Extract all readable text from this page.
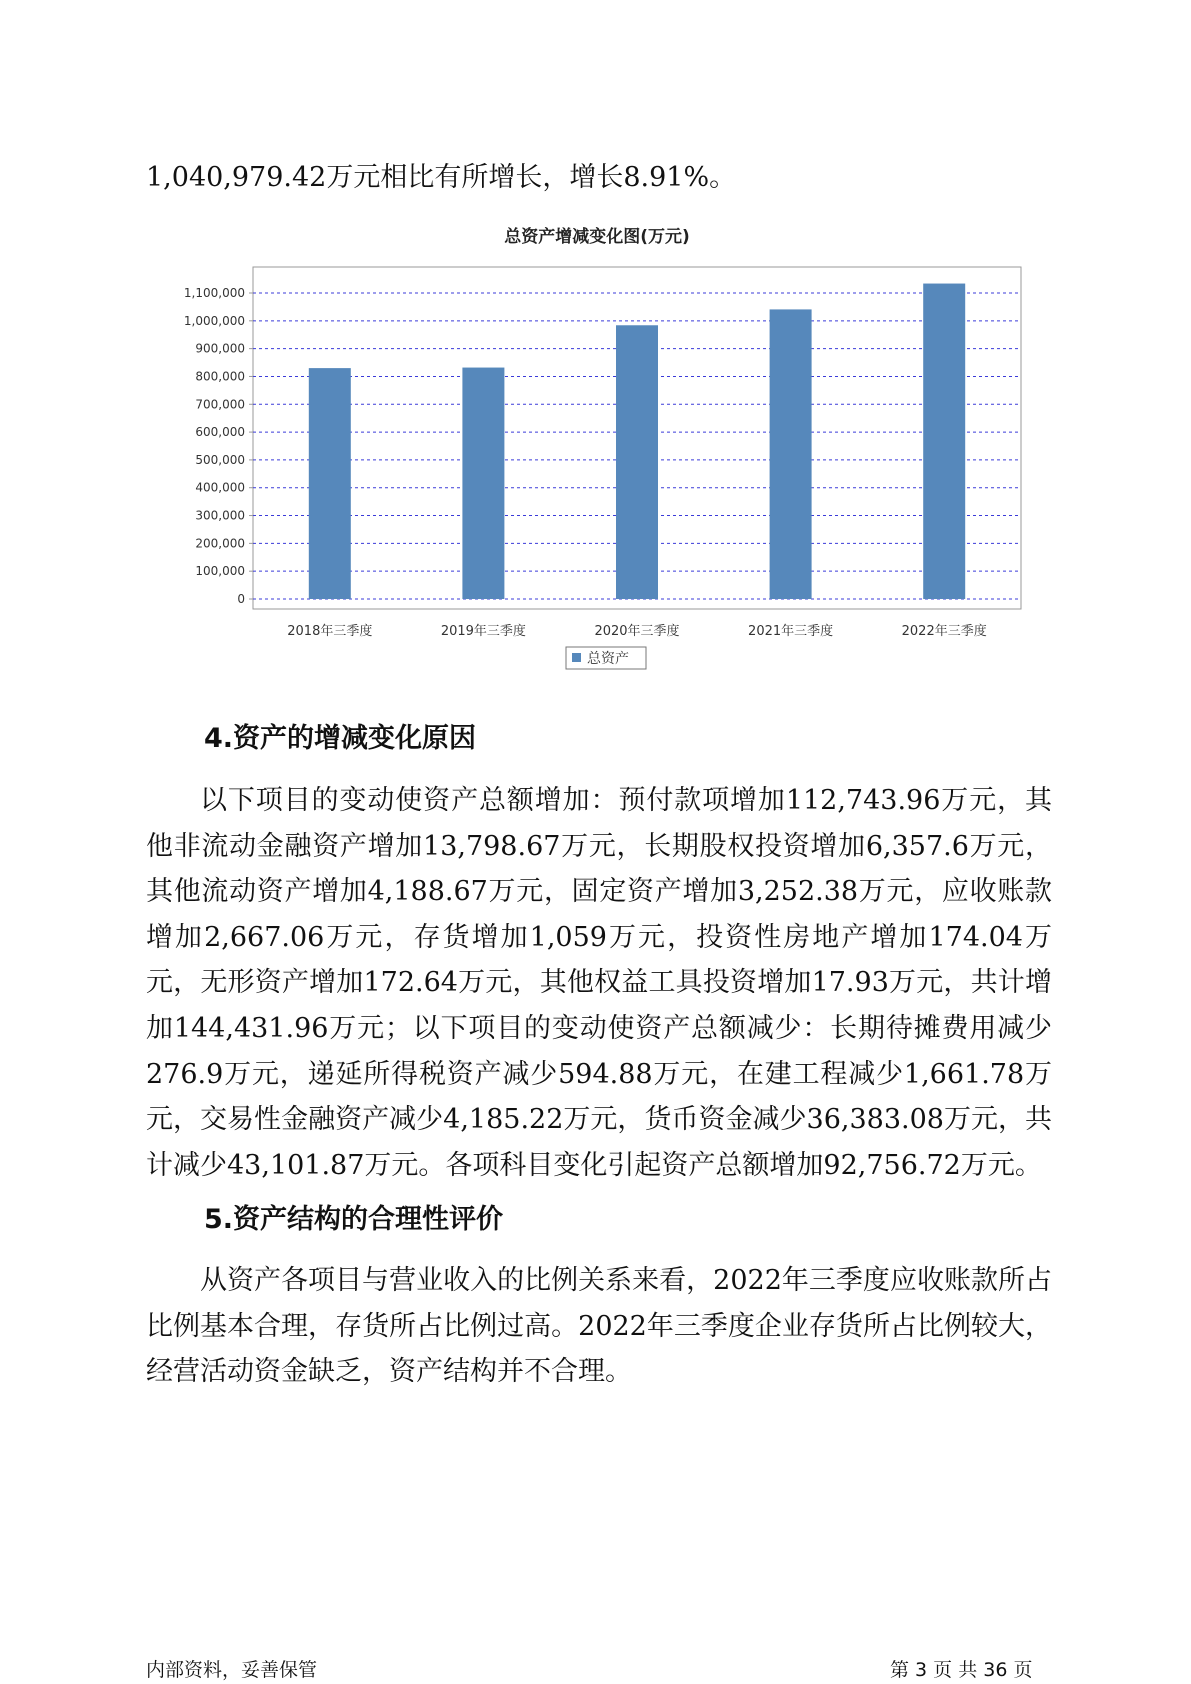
1,040,979.42万元相比有所增长，增长8.91%。
总资产增减变化图(万元)
0
100,000
200,000
300,000
400,000
500,000
600,000
700,000
800,000
900,000
1,000,000
1,100,000
2018年三季度	2019年三季度	2020年三季度	2021年三季度	2022年三季度
总资产
4.资产的增减变化原因
以下项目的变动使资产总额增加：预付款项增加112,743.96万元，其他非流动金融资产增加13,798.67万元，长期股权投资增加6,357.6万元，其他流动资产增加4,188.67万元，固定资产增加3,252.38万元，应收账款增加2,667.06万元，存货增加1,059万元，投资性房地产增加174.04万元，无形资产增加172.64万元，其他权益工具投资增加17.93万元，共计增加144,431.96万元；以下项目的变动使资产总额减少：长期待摊费用减少276.9万元，递延所得税资产减少594.88万元，在建工程减少1,661.78万元，交易性金融资产减少4,185.22万元，货币资金减少36,383.08万元，共计减少43,101.87万元。各项科目变化引起资产总额增加92,756.72万元。
5.资产结构的合理性评价
从资产各项目与营业收入的比例关系来看，2022年三季度应收账款所占比例基本合理，存货所占比例过高。2022年三季度企业存货所占比例较大，经营活动资金缺乏，资产结构并不合理。
内部资料，妥善保管	第 3 页 共 36 页
